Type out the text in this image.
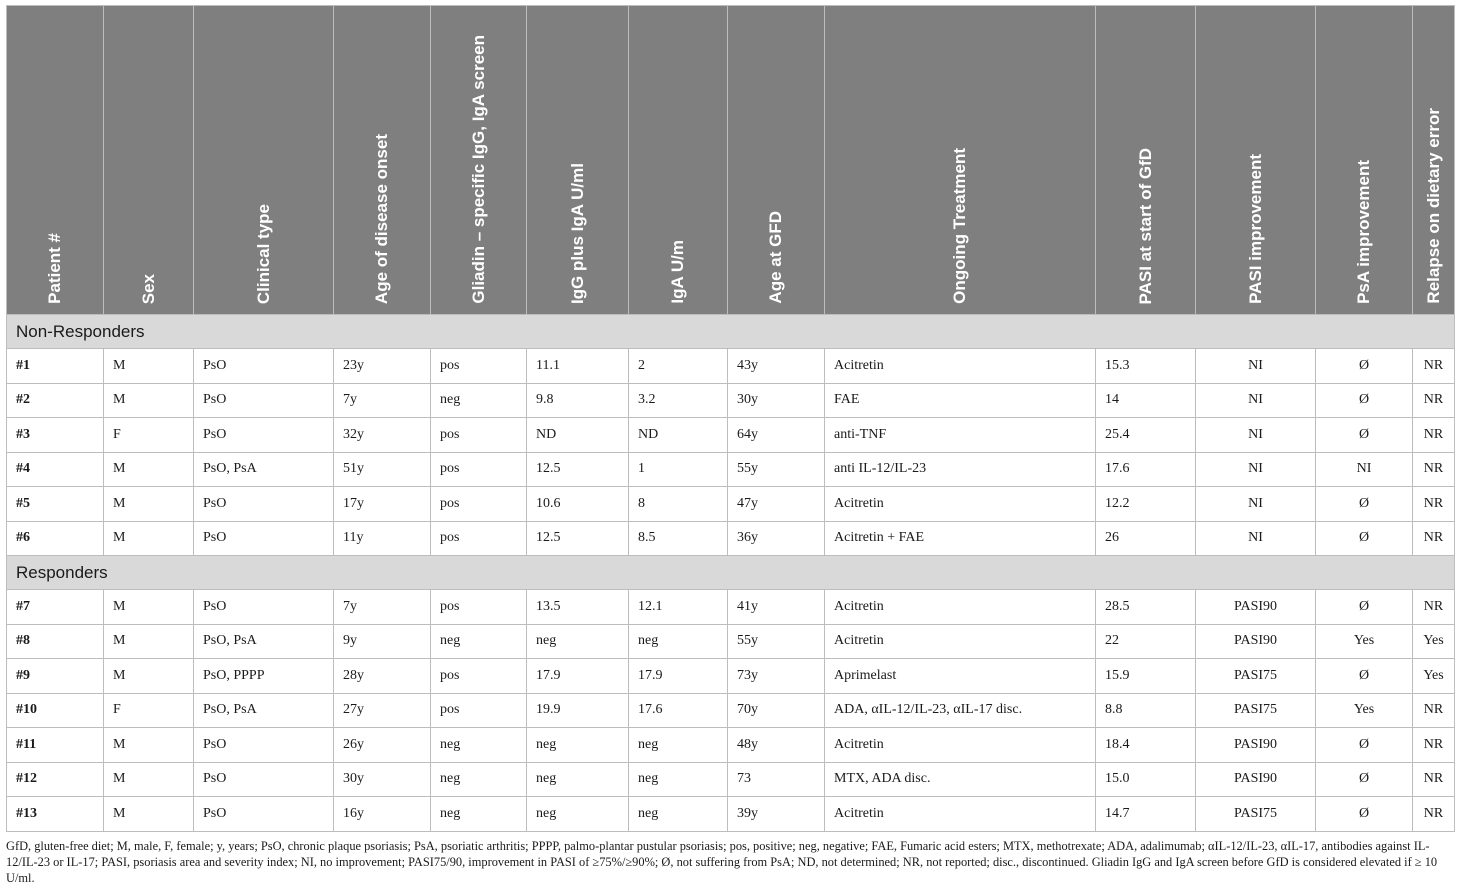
Patient #	Sex	Clinical type	Age of disease onset	Gliadin – specific IgG, IgA screen	IgG plus IgA U/ml	IgA U/m	Age at GFD	Ongoing Treatment	PASI at start of GfD	PASI improvement	PsA improvement	Relapse on dietary error

Non-Responders												
#1	M	PsO	23y	pos	11.1	2	43y	Acitretin	15.3	NI	Ø	NR
#2	M	PsO	7y	neg	9.8	3.2	30y	FAE	14	NI	Ø	NR
#3	F	PsO	32y	pos	ND	ND	64y	anti-TNF	25.4	NI	Ø	NR
#4	M	PsO, PsA	51y	pos	12.5	1	55y	anti IL-12/IL-23	17.6	NI	NI	NR
#5	M	PsO	17y	pos	10.6	8	47y	Acitretin	12.2	NI	Ø	NR
#6	M	PsO	11y	pos	12.5	8.5	36y	Acitretin + FAE	26	NI	Ø	NR
Responders												
#7	M	PsO	7y	pos	13.5	12.1	41y	Acitretin	28.5	PASI90	Ø	NR
#8	M	PsO, PsA	9y	neg	neg	neg	55y	Acitretin	22	PASI90	Yes	Yes
#9	M	PsO, PPPP	28y	pos	17.9	17.9	73y	Aprimelast	15.9	PASI75	Ø	Yes
#10	F	PsO, PsA	27y	pos	19.9	17.6	70y	ADA, αIL-12/IL-23, αIL-17 disc.	8.8	PASI75	Yes	NR
#11	M	PsO	26y	neg	neg	neg	48y	Acitretin	18.4	PASI90	Ø	NR
#12	M	PsO	30y	neg	neg	neg	73	MTX, ADA disc.	15.0	PASI90	Ø	NR
#13	M	PsO	16y	neg	neg	neg	39y	Acitretin	14.7	PASI75	Ø	NR
GfD, gluten-free diet; M, male, F, female; y, years; PsO, chronic plaque psoriasis; PsA, psoriatic arthritis; PPPP, palmo-plantar pustular psoriasis; pos, positive; neg, negative; FAE, Fumaric acid esters; MTX, methotrexate; ADA, adalimumab; αIL-12/IL-23, αIL-17, antibodies against IL-12/IL-23 or IL-17; PASI, psoriasis area and severity index; NI, no improvement; PASI75/90, improvement in PASI of ≥75%/≥90%; Ø, not suffering from PsA; ND, not determined; NR, not reported; disc., discontinued. Gliadin IgG and IgA screen before GfD is considered elevated if ≥ 10 U/ml.
